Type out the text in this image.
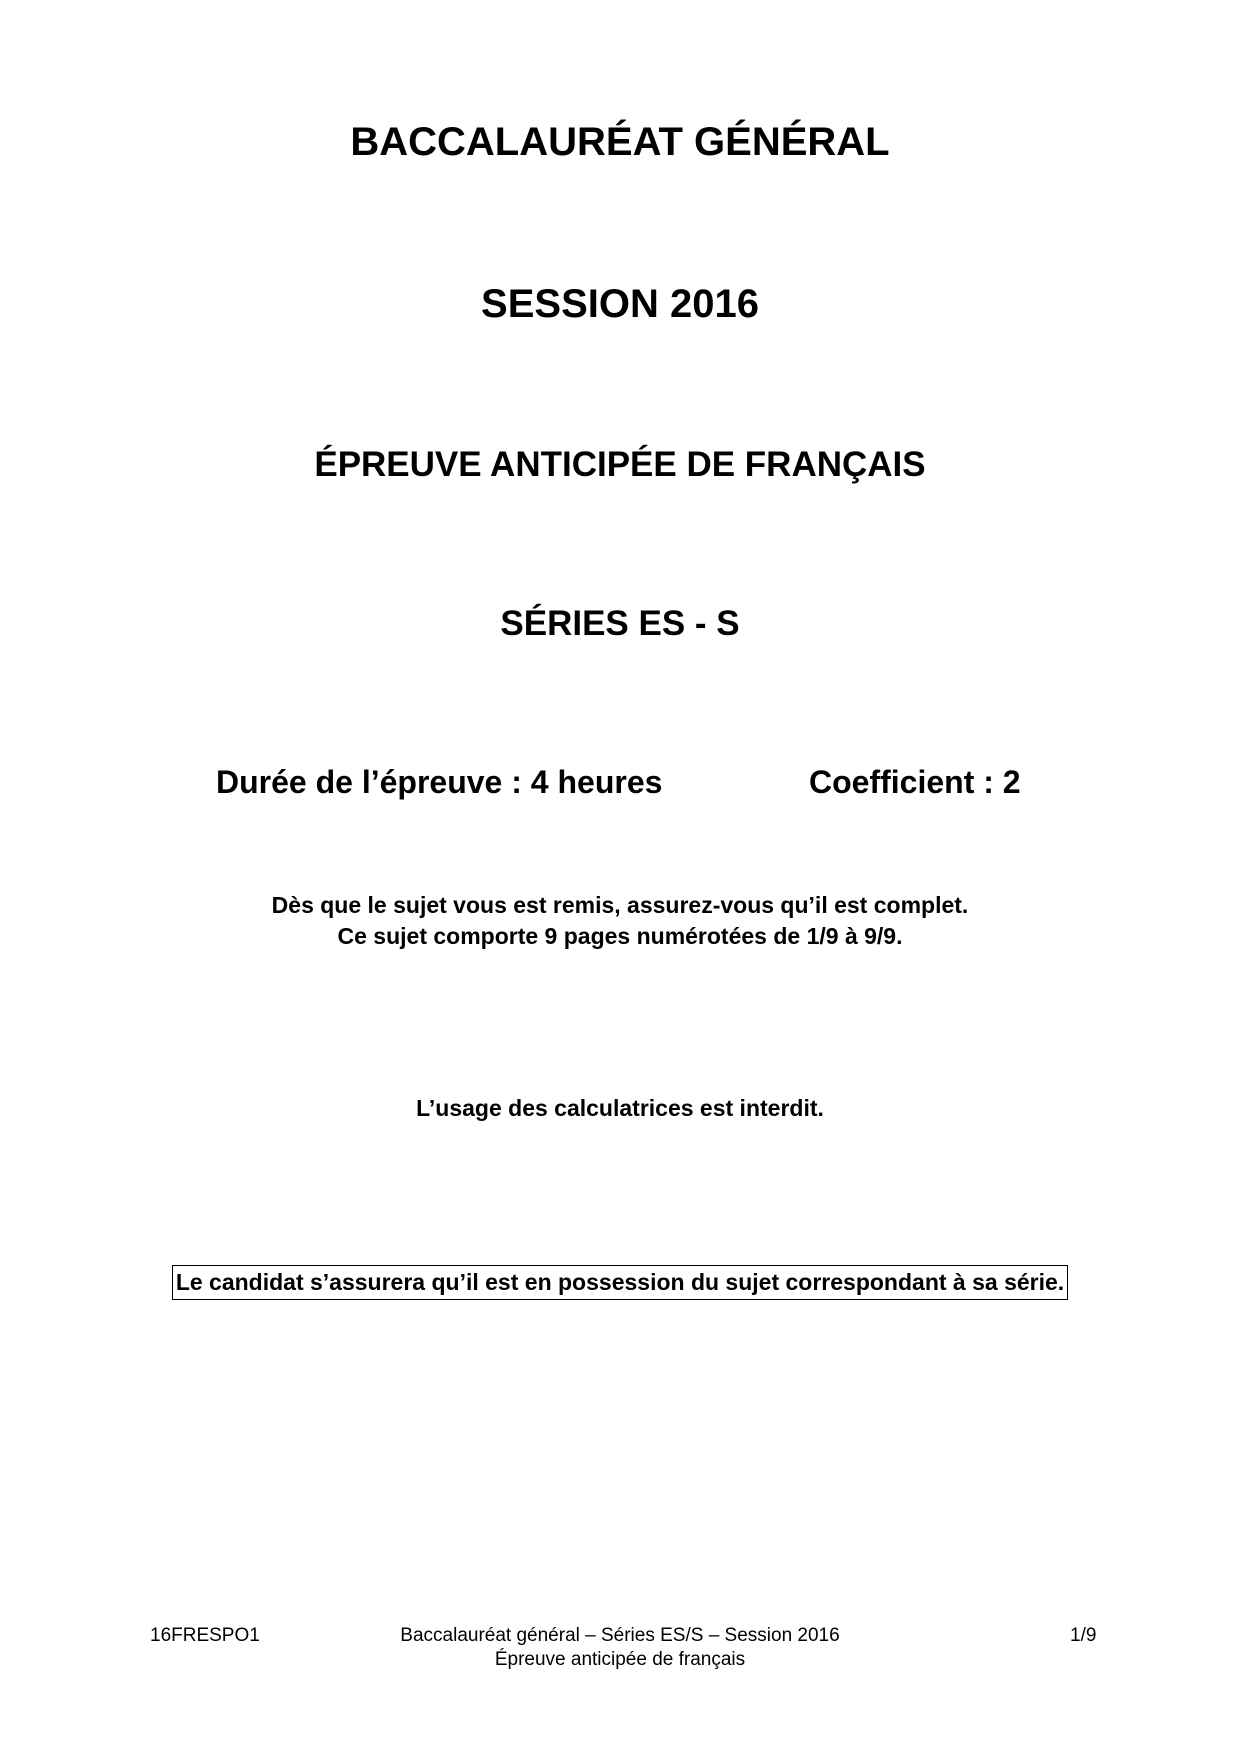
BACCALAURÉAT GÉNÉRAL
SESSION 2016
ÉPREUVE ANTICIPÉE DE FRANÇAIS
SÉRIES ES - S
Durée de l’épreuve : 4 heures	Coefficient : 2
Dès que le sujet vous est remis, assurez-vous qu’il est complet.
Ce sujet comporte 9 pages numérotées de 1/9 à 9/9.
L’usage des calculatrices est interdit.
Le candidat s’assurera qu’il est en possession du sujet correspondant à sa série.
16FRESPO1	Baccalauréat général – Séries ES/S – Session 2016
Épreuve anticipée de français
1/9
